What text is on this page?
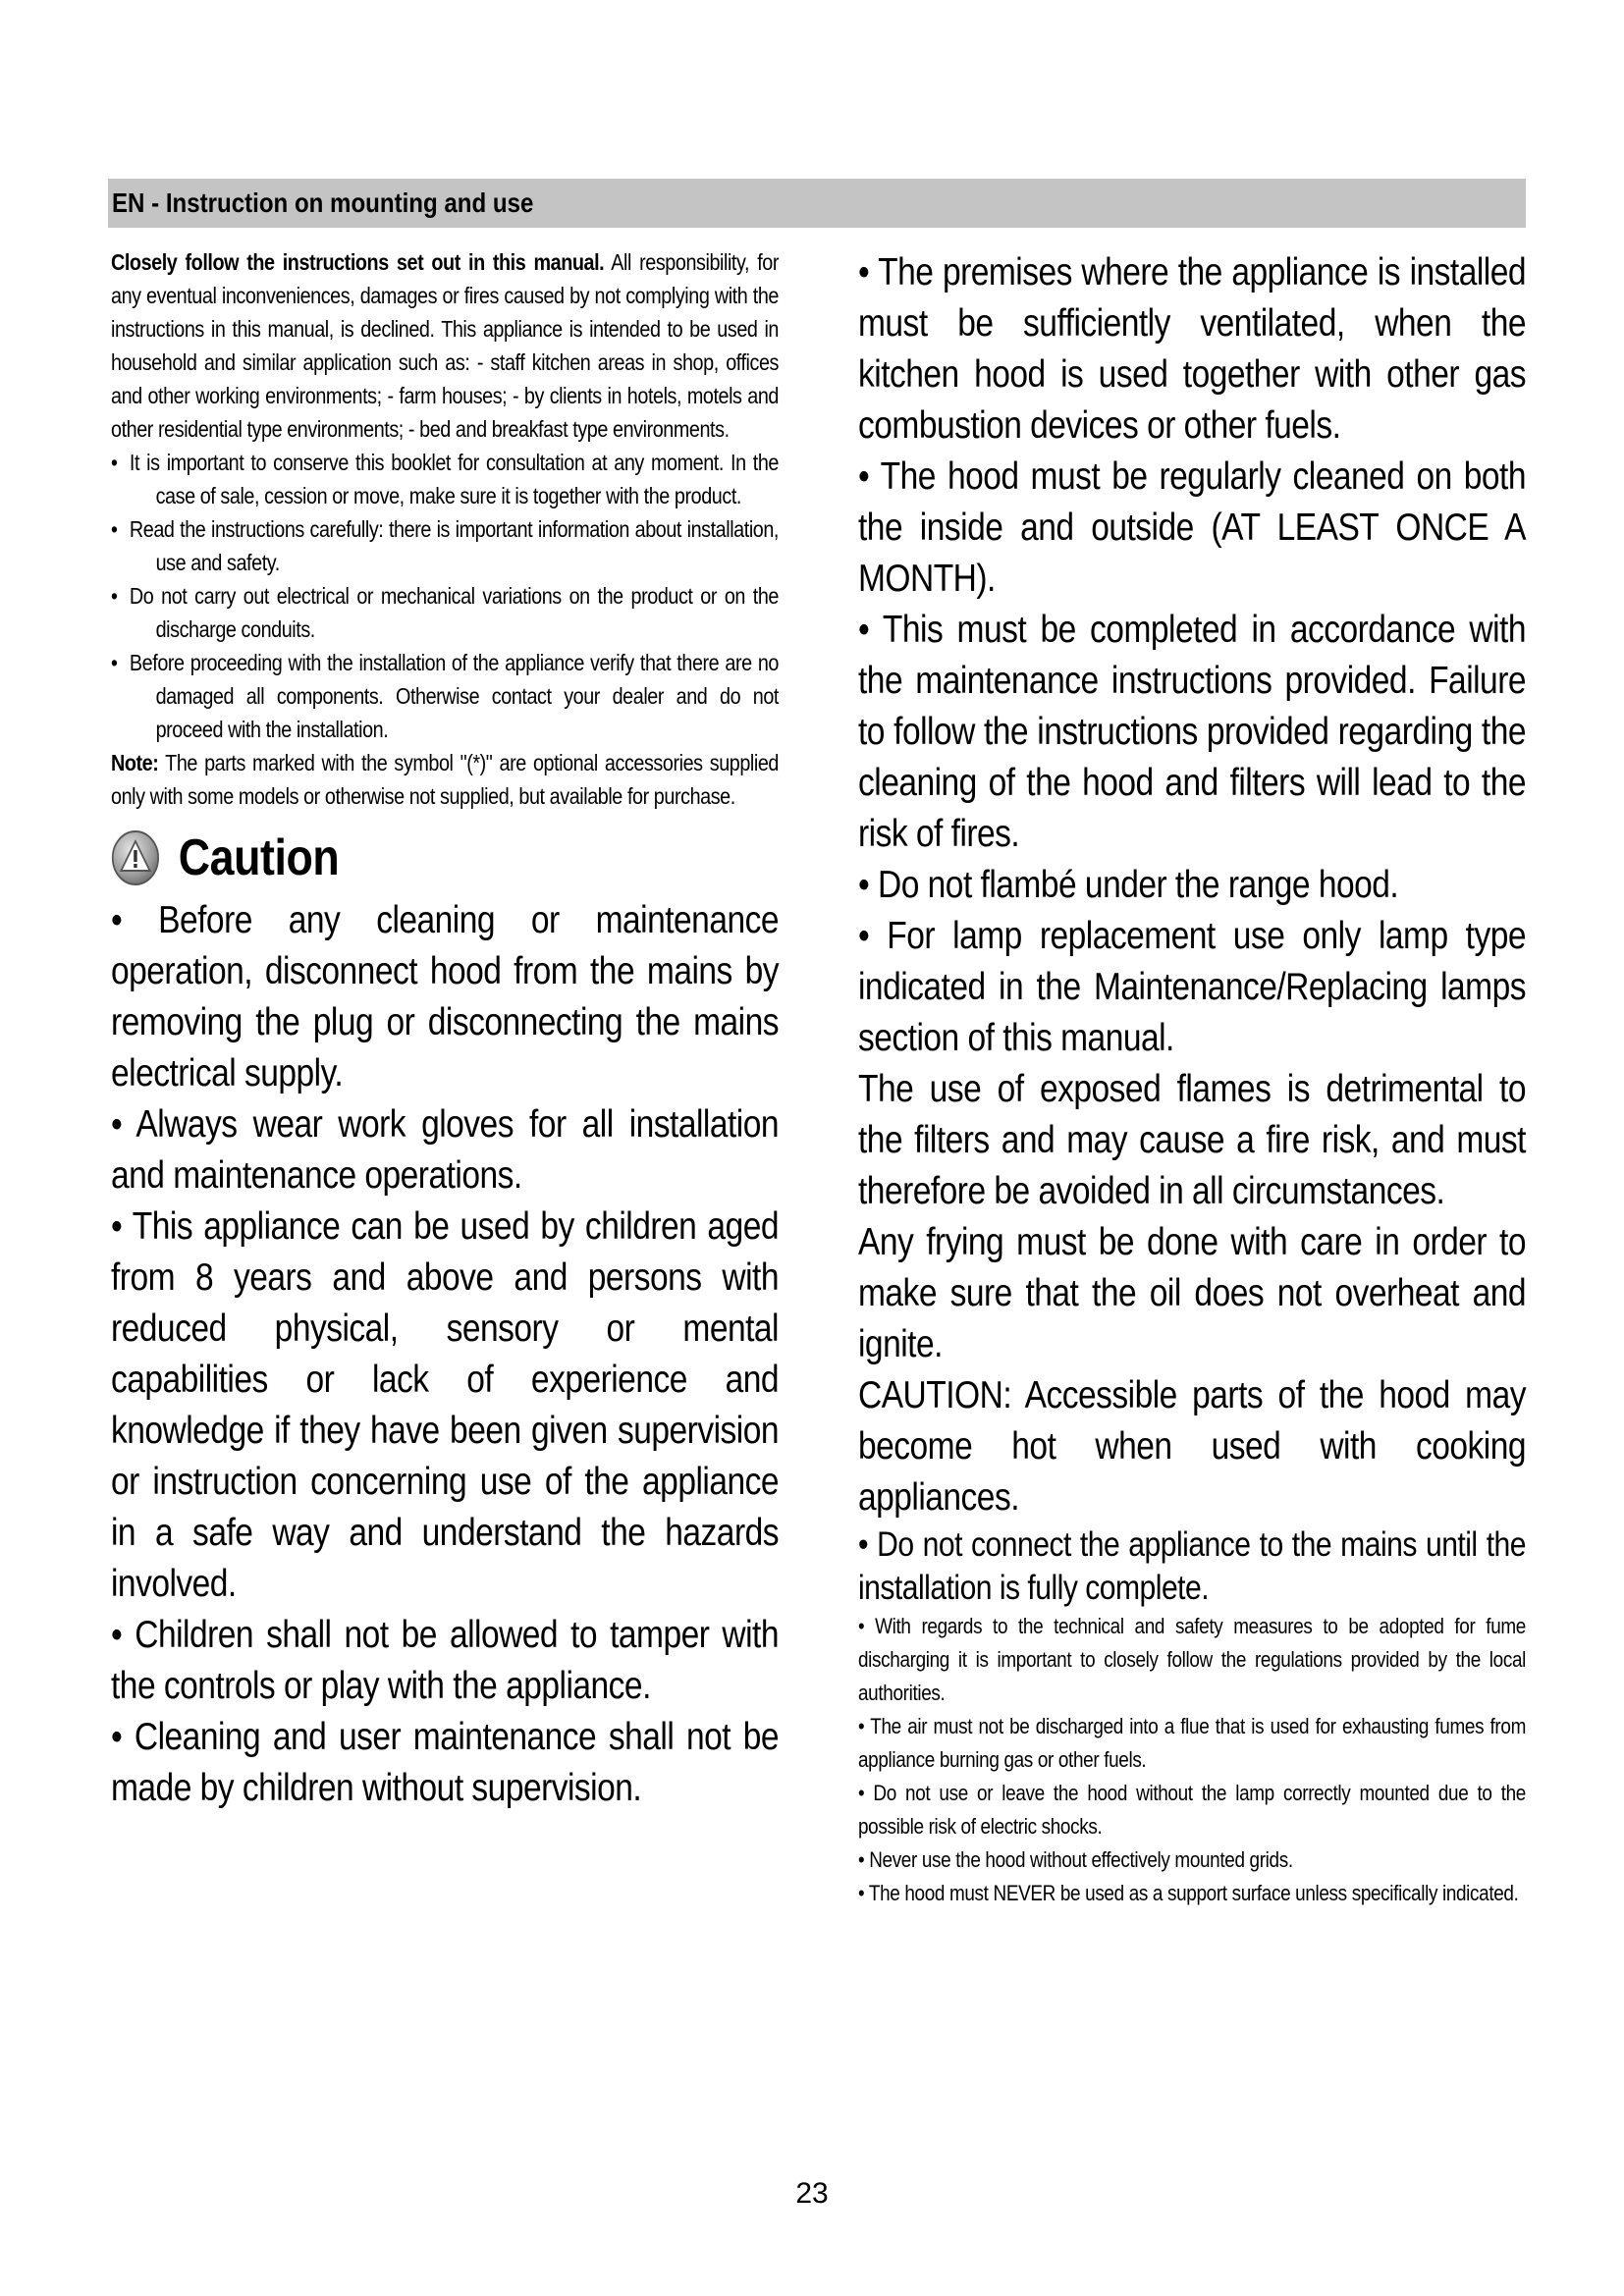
EN - Instruction on mounting and use

Closely follow the instructions set out in this manual. All responsibility, for any eventual inconveniences, damages or fires caused by not complying with the instructions in this manual, is declined. This appliance is intended to be used in household and similar application such as: - staff kitchen areas in shop, offices and other working environments; - farm houses; - by clients in hotels, motels and other residential type environments; - bed and breakfast type environments.

• It is important to conserve this booklet for consultation at any moment. In the case of sale, cession or move, make sure it is together with the product.

• Read the instructions carefully: there is important information about installation, use and safety.

• Do not carry out electrical or mechanical variations on the product or on the discharge conduits.

• Before proceeding with the installation of the appliance verify that there are no damaged all components. Otherwise contact your dealer and do not proceed with the installation.

Note: The parts marked with the symbol "(*)" are optional accessories supplied only with some models or otherwise not supplied, but available for purchase.

Caution

• Before any cleaning or maintenance operation, disconnect hood from the mains by removing the plug or disconnecting the mains electrical supply.

• Always wear work gloves for all installation and maintenance operations.

• This appliance can be used by children aged from 8 years and above and persons with reduced physical, sensory or mental capabilities or lack of experience and knowledge if they have been given supervision or instruction concerning use of the appliance in a safe way and understand the hazards involved.

• Children shall not be allowed to tamper with the controls or play with the appliance.

• Cleaning and user maintenance shall not be made by children without supervision.

• The premises where the appliance is installed must be sufficiently ventilated, when the kitchen hood is used together with other gas combustion devices or other fuels.

• The hood must be regularly cleaned on both the inside and outside (AT LEAST ONCE A MONTH).

• This must be completed in accordance with the maintenance instructions provided. Failure to follow the instructions provided regarding the cleaning of the hood and filters will lead to the risk of fires.

• Do not flambé under the range hood.

• For lamp replacement use only lamp type indicated in the Maintenance/Replacing lamps section of this manual.

The use of exposed flames is detrimental to the filters and may cause a fire risk, and must therefore be avoided in all circumstances.

Any frying must be done with care in order to make sure that the oil does not overheat and ignite.

CAUTION: Accessible parts of the hood may become hot when used with cooking appliances.

• Do not connect the appliance to the mains until the installation is fully complete.

• With regards to the technical and safety measures to be adopted for fume discharging it is important to closely follow the regulations provided by the local authorities.

• The air must not be discharged into a flue that is used for exhausting fumes from appliance burning gas or other fuels.

• Do not use or leave the hood without the lamp correctly mounted due to the possible risk of electric shocks.

• Never use the hood without effectively mounted grids.

• The hood must NEVER be used as a support surface unless specifically indicated.

23
